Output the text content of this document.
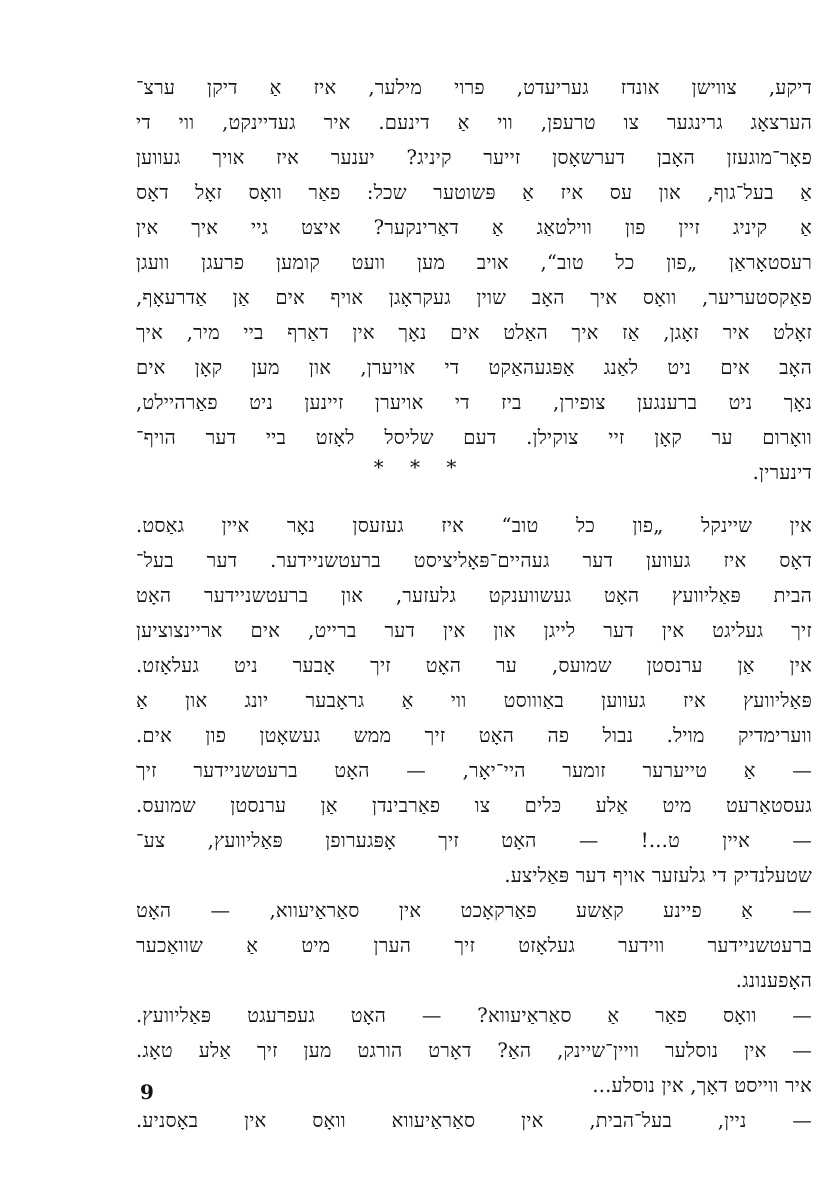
דיקע, צווישן אונדז געריעדט, פרוי מילער, איז אַ דיקן ערצ־
הערצאָג גרינגער צו טרעפן, ווי אַ דינעם. איר געדיינקט, ווי די
פאָר־מוגעזן האָבן דערשאָסן זייער קיניג? יענער איז אויך געווען
אַ בעל־גוף, און עס איז אַ פּשוטער שכל: פאַר וואָס זאָל דאָס
אַ קיניג זיין פון ווילטאַג אַ דאַרינקער? איצט גיי איך אין
רעסטאָראַן „פון כל טוב“, אויב מען וועט קומען פרעגן וועגן
פאַקסטעריער, וואָס איך האָב שוין געקראָגן אויף אים אַן אַדרעאָף,
זאָלט איר זאָגן, אַז איך האַלט אים נאָך אין דאַרף ביי מיר, איך
האָב אים ניט לאַנג אַפּגעהאַקט די אויערן, און מען קאָן אים
נאָך ניט ברענגען צופירן, ביז די אויערן זיינען ניט פאַרהיילט,
וואָרום ער קאָן זיי צוקילן. דעם שליסל לאָזט ביי דער הויף־
דינערין.
* * *
אין שיינקל „פון כל טוב“ איז געזעסן נאָר איין גאַסט.
דאָס איז געווען דער געהיים־פּאָליציסט ברעטשניידער. דער בעל־
הבית פּאַליוועץ האָט געשווענקט גלעזער, און ברעטשניידער האָט
זיך געליגט אין דער לייגן און אין דער ברייט, אים אריינצוציען
אין אַן ערנסטן שמועס, ער האָט זיך אָבער ניט געלאָזט.
פּאַליוועץ איז געווען באַוווסט ווי אַ גראָבער יונג און אַ
ווערימדיק מויל. נבול פה האָט זיך ממש געשאָטן פון אים.
— אַ טייערער זומער היי־יאָר, — האָט ברעטשניידער זיך
געסטאַרעט מיט אַלע כּלים צו פאַרבינדן אַן ערנסטן שמועס.
— איין ט...! — האָט זיך אָפּגערופן פּאַליוועץ, צע־
שטעלנדיק די גלעזער אויף דער פּאַליצע.
— אַ פיינע קאַשע פאַרקאָכט אין סאַראַיעווא, — האָט
ברעטשניידער ווידער געלאָזט זיך הערן מיט אַ שוואַכער
האָפענונג.
— וואָס פאַר אַ סאַראַיעווא? — האָט געפרעגט פּאַליוועץ.
— אין נוסלער וויין־שיינק, האַ? דאָרט הורגט מען זיך אַלע טאָג.
איר ווייסט דאָך, אין נוסלע...
— ניין, בעל־הבית, אין סאַראַיעווא וואָס אין באָסניע.
9
